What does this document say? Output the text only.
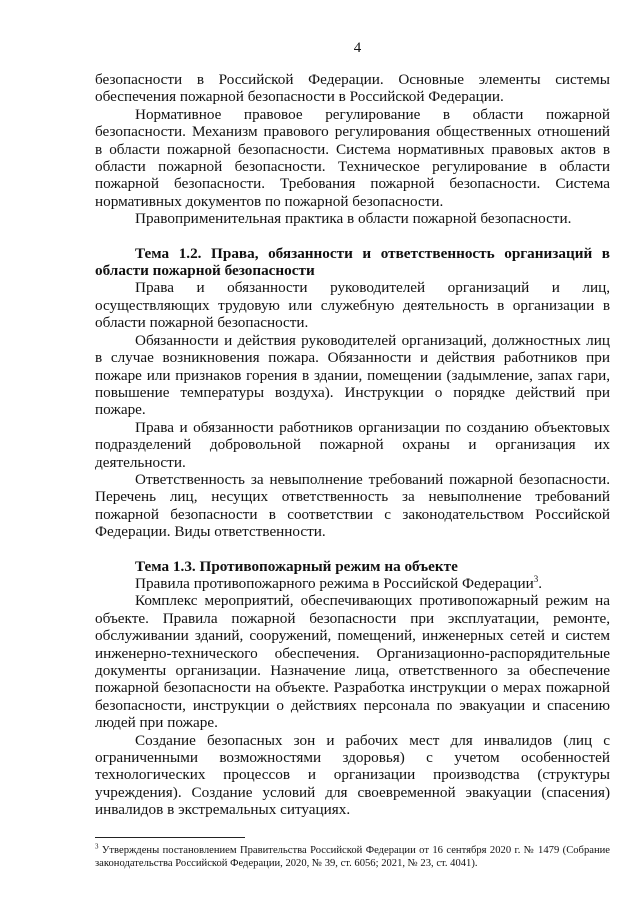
4

безопасности в Российской Федерации. Основные элементы системы обеспечения пожарной безопасности в Российской Федерации.

Нормативное правовое регулирование в области пожарной безопасности. Механизм правового регулирования общественных отношений в области пожарной безопасности. Система нормативных правовых актов в области пожарной безопасности. Техническое регулирование в области пожарной безопасности. Требования пожарной безопасности. Система нормативных документов по пожарной безопасности.

Правоприменительная практика в области пожарной безопасности.

Тема 1.2. Права, обязанности и ответственность организаций в области пожарной безопасности

Права и обязанности руководителей организаций и лиц, осуществляющих трудовую или служебную деятельность в организации в области пожарной безопасности.

Обязанности и действия руководителей организаций, должностных лиц в случае возникновения пожара. Обязанности и действия работников при пожаре или признаков горения в здании, помещении (задымление, запах гари, повышение температуры воздуха). Инструкции о порядке действий при пожаре.

Права и обязанности работников организации по созданию объектовых подразделений добровольной пожарной охраны и организация их деятельности.

Ответственность за невыполнение требований пожарной безопасности. Перечень лиц, несущих ответственность за невыполнение требований пожарной безопасности в соответствии с законодательством Российской Федерации. Виды ответственности.

Тема 1.3. Противопожарный режим на объекте

Правила противопожарного режима в Российской Федерации$^3$.

Комплекс мероприятий, обеспечивающих противопожарный режим на объекте. Правила пожарной безопасности при эксплуатации, ремонте, обслуживании зданий, сооружений, помещений, инженерных сетей и систем инженерно-технического обеспечения. Организационно-распорядительные документы организации. Назначение лица, ответственного за обеспечение пожарной безопасности на объекте. Разработка инструкции о мерах пожарной безопасности, инструкции о действиях персонала по эвакуации и спасению людей при пожаре.

Создание безопасных зон и рабочих мест для инвалидов (лиц с ограниченными возможностями здоровья) с учетом особенностей технологических процессов и организации производства (структуры учреждения). Создание условий для своевременной эвакуации (спасения) инвалидов в экстремальных ситуациях.

$^3$ Утверждены постановлением Правительства Российской Федерации от 16 сентября 2020 г. № 1479 (Собрание законодательства Российской Федерации, 2020, № 39, ст. 6056; 2021, № 23, ст. 4041).
